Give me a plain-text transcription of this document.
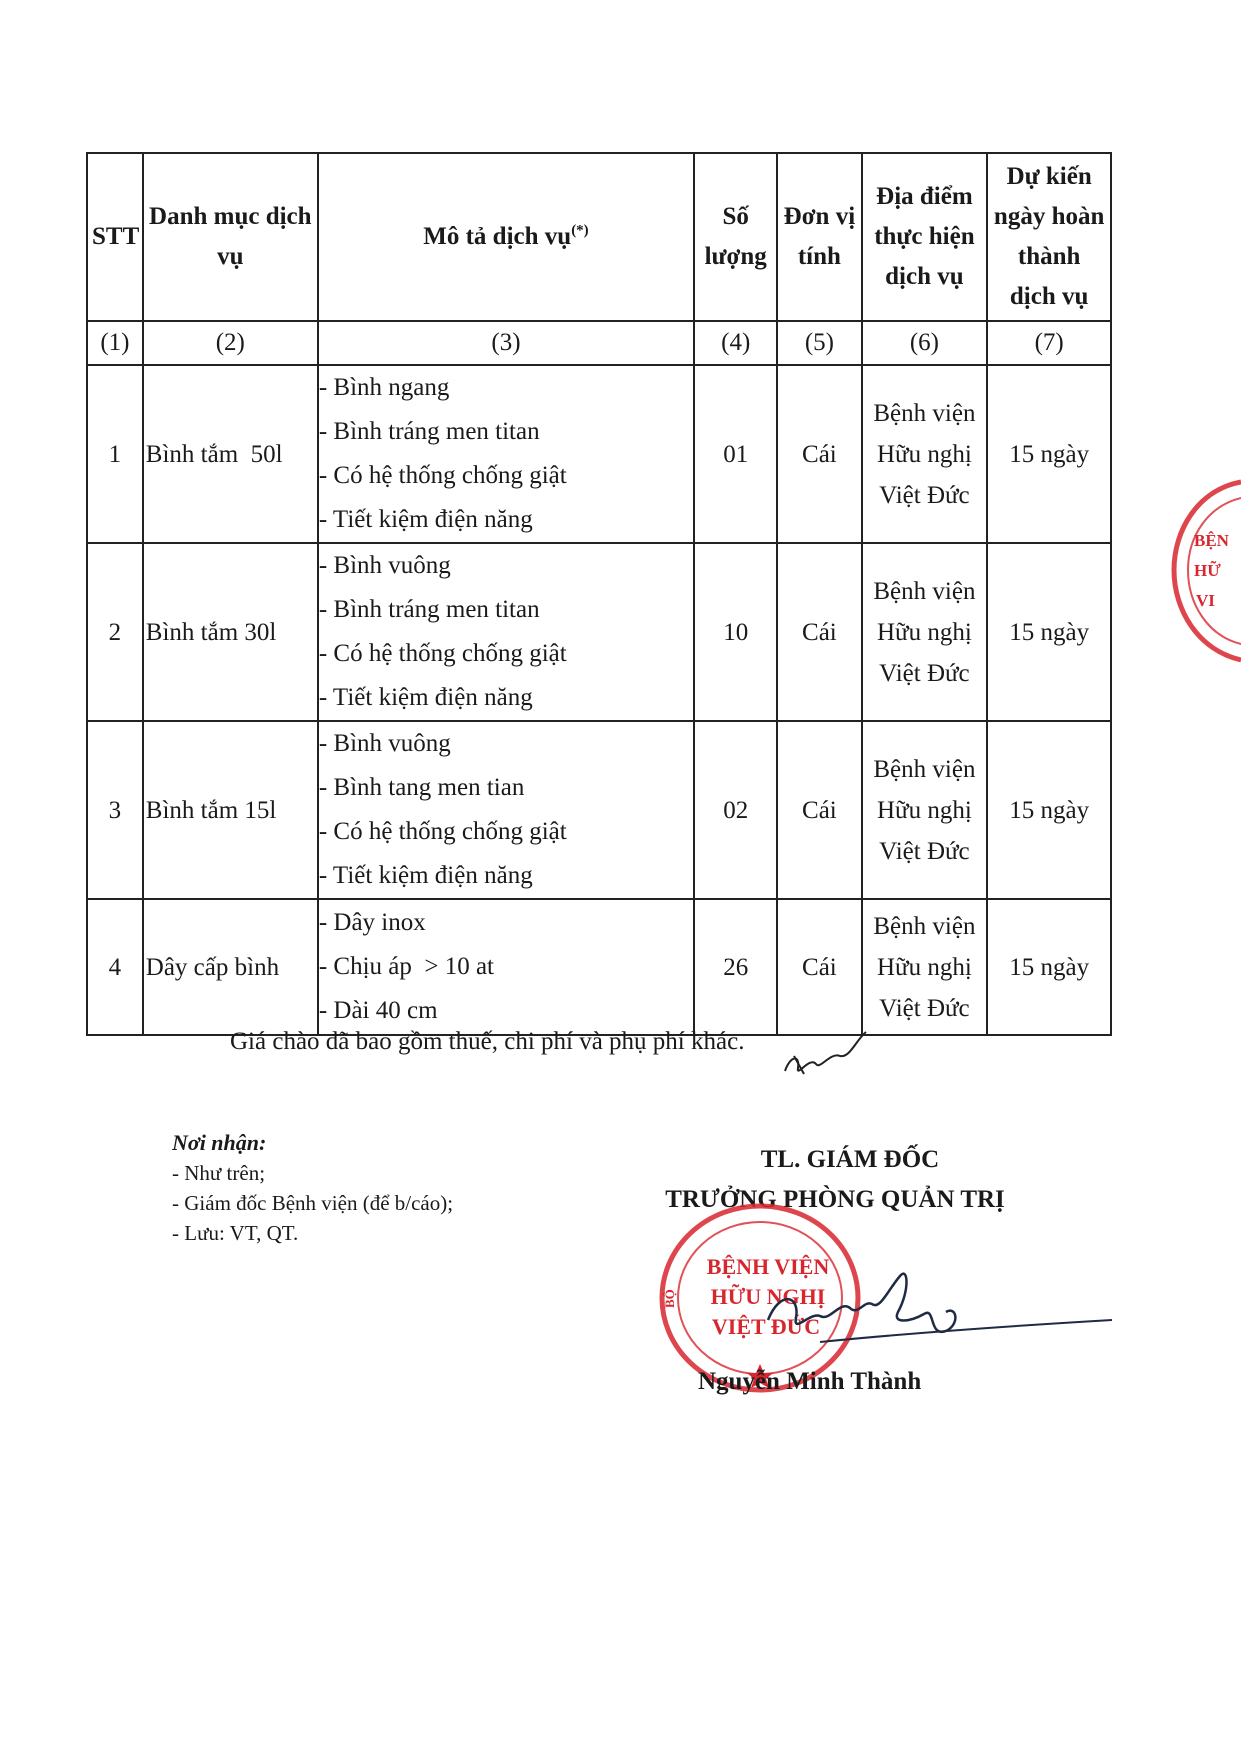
STT	Danh mục dịch vụ	Mô tả dịch vụ(*)	Số lượng	Đơn vị tính	Địa điểm thực hiện dịch vụ	Dự kiến ngày hoàn thành dịch vụ
(1)	(2)	(3)	(4)	(5)	(6)	(7)
1	Bình tắm  50l	- Bình ngang
- Bình tráng men titan
- Có hệ thống chống giật
- Tiết kiệm điện năng	01	Cái	Bệnh viện Hữu nghị Việt Đức	15 ngày
2	Bình tắm 30l	- Bình vuông
- Bình tráng men titan
- Có hệ thống chống giật
- Tiết kiệm điện năng	10	Cái	Bệnh viện Hữu nghị Việt Đức	15 ngày
3	Bình tắm 15l	- Bình vuông
- Bình tang men tian
- Có hệ thống chống giật
- Tiết kiệm điện năng	02	Cái	Bệnh viện Hữu nghị Việt Đức	15 ngày
4	Dây cấp bình	- Dây inox
- Chịu áp  > 10 at
- Dài 40 cm	26	Cái	Bệnh viện Hữu nghị Việt Đức	15 ngày
Giá chào đã bao gồm thuế, chi phí và phụ phí khác.
Nơi nhận:
- Như trên;
- Giám đốc Bệnh viện (để b/cáo);
- Lưu: VT, QT.
TL. GIÁM ĐỐC
TRƯỞNG PHÒNG QUẢN TRỊ
BỆNH VIỆN
HỮU NGHỊ
VIỆT ĐỨC
BỘ
Nguyễn Minh Thành
BỆN
HỮ
VI
